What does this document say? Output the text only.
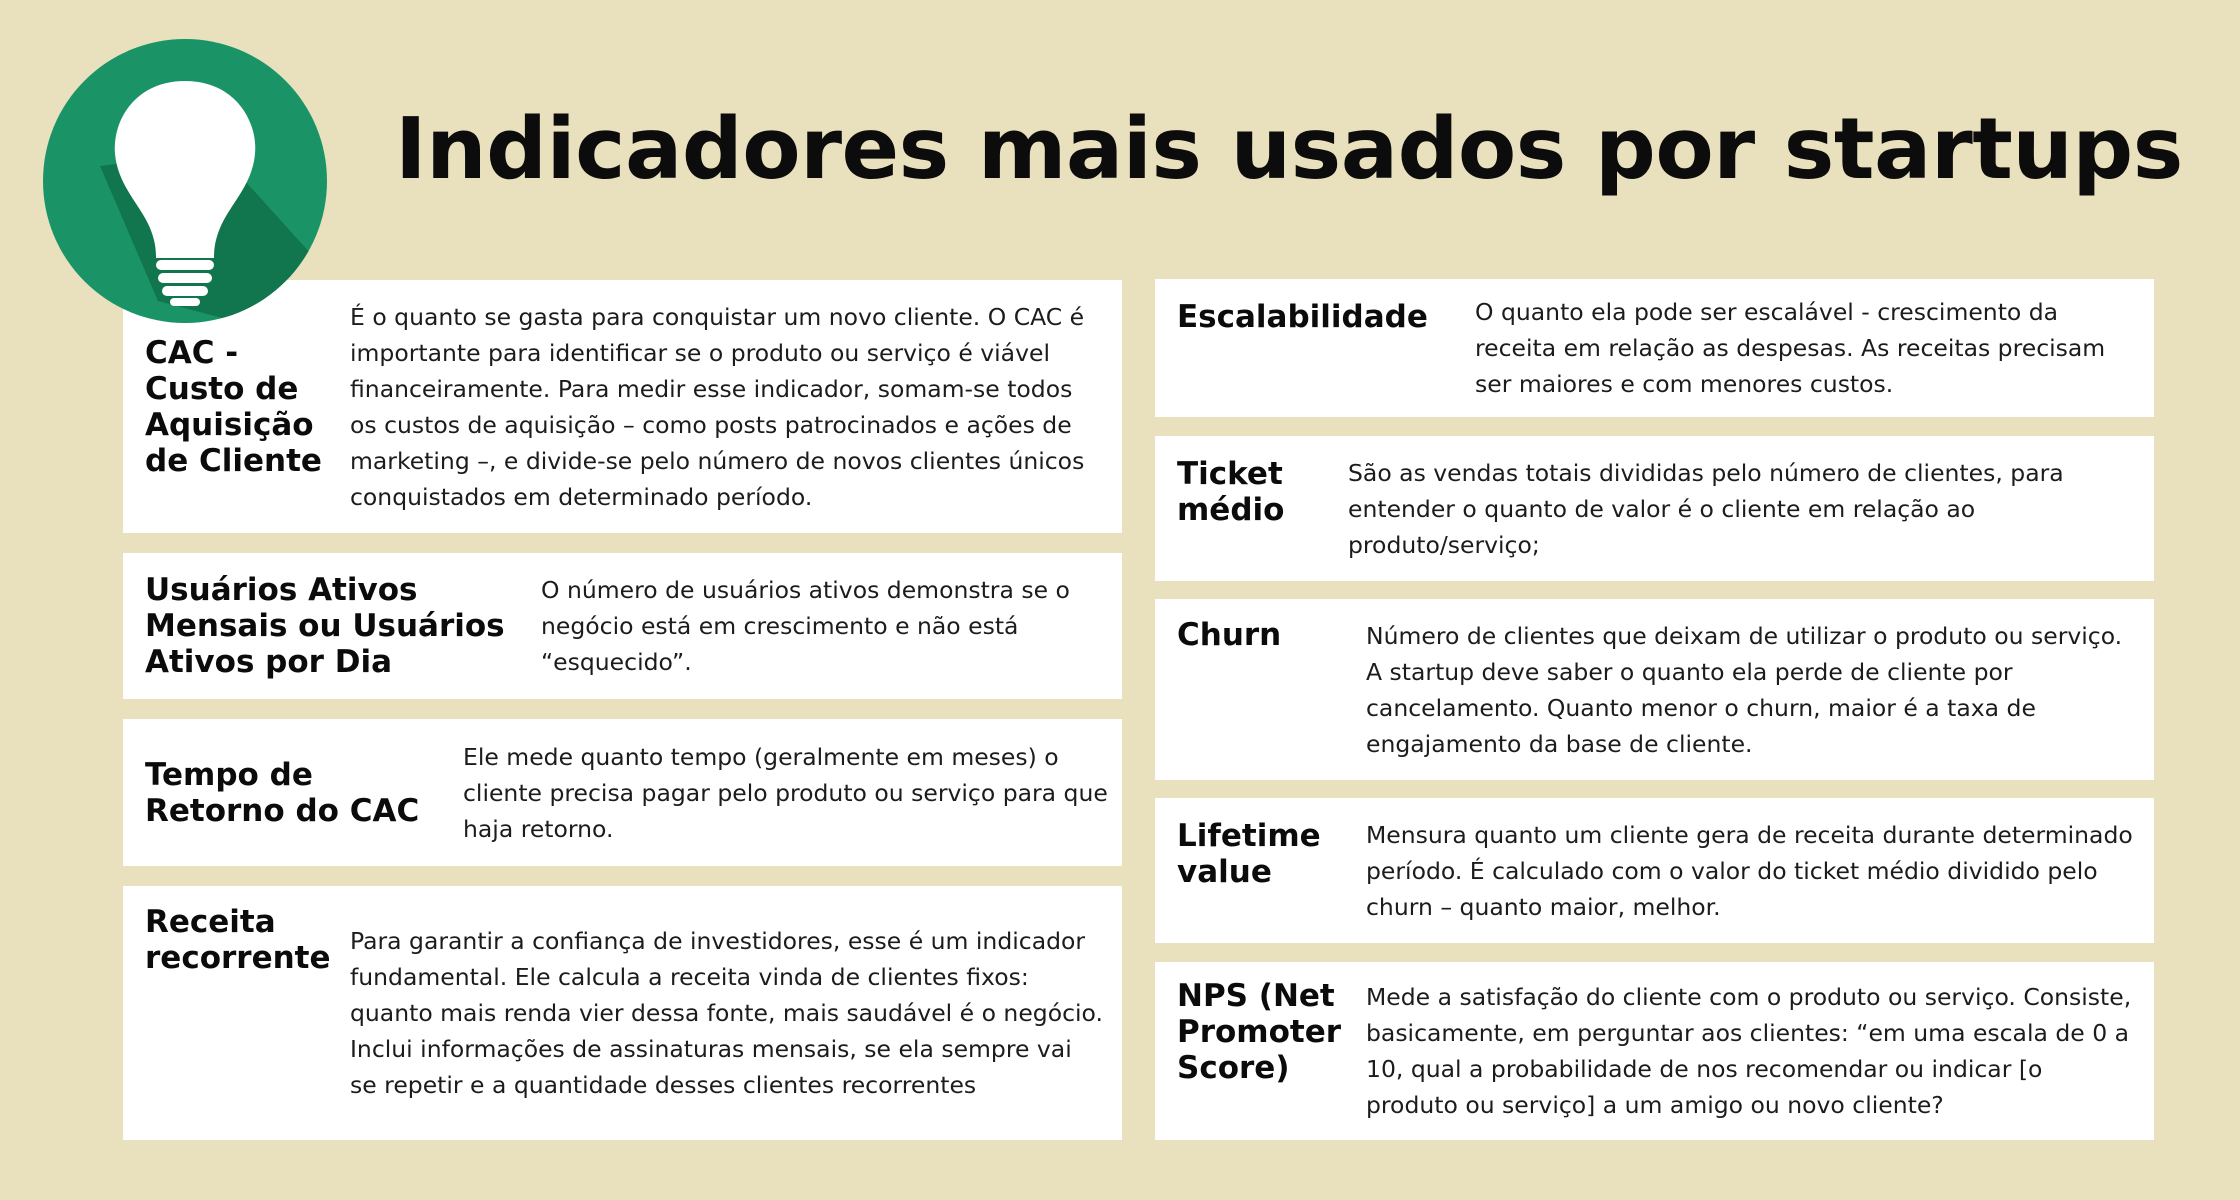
CAC -
Custo de
Aquisição
de Cliente
É o quanto se gasta para conquistar um novo cliente. O CAC é importante para identificar se o produto ou serviço é viável financeiramente. Para medir esse indicador, somam-se todos os custos de aquisição – como posts patrocinados e ações de marketing –, e divide-se pelo número de novos clientes únicos conquistados em determinado período.
Usuários Ativos
Mensais ou Usuários
Ativos por Dia
O número de usuários ativos demonstra se o negócio está em crescimento e não está “esquecido”.
Tempo de
Retorno do CAC
Ele mede quanto tempo (geralmente em meses) o cliente precisa pagar pelo produto ou serviço para que haja retorno.
Receita
recorrente Para garantir a confiança de investidores, esse é um indicador fundamental. Ele calcula a receita vinda de clientes fixos: quanto mais renda vier dessa fonte, mais saudável é o negócio. Inclui informações de assinaturas mensais, se ela sempre vai se repetir e a quantidade desses clientes recorrentes
Escalabilidade	O quanto ela pode ser escalável - crescimento da receita em relação as despesas. As receitas precisam ser maiores e com menores custos.
Ticket
médio
São as vendas totais divididas pelo número de clientes, para entender o quanto de valor é o cliente em relação ao produto/serviço;
Churn	Número de clientes que deixam de utilizar o produto ou serviço. A startup deve saber o quanto ela perde de cliente por cancelamento. Quanto menor o churn, maior é a taxa de engajamento da base de cliente.
Lifetime
value
Mensura quanto um cliente gera de receita durante determinado período. É calculado com o valor do ticket médio dividido pelo churn – quanto maior, melhor.
NPS (Net
Promoter
Score)
Mede a satisfação do cliente com o produto ou serviço. Consiste, basicamente, em perguntar aos clientes: “em uma escala de 0 a 10, qual a probabilidade de nos recomendar ou indicar [o produto ou serviço] a um amigo ou novo cliente?
Indicadores mais usados por startups
